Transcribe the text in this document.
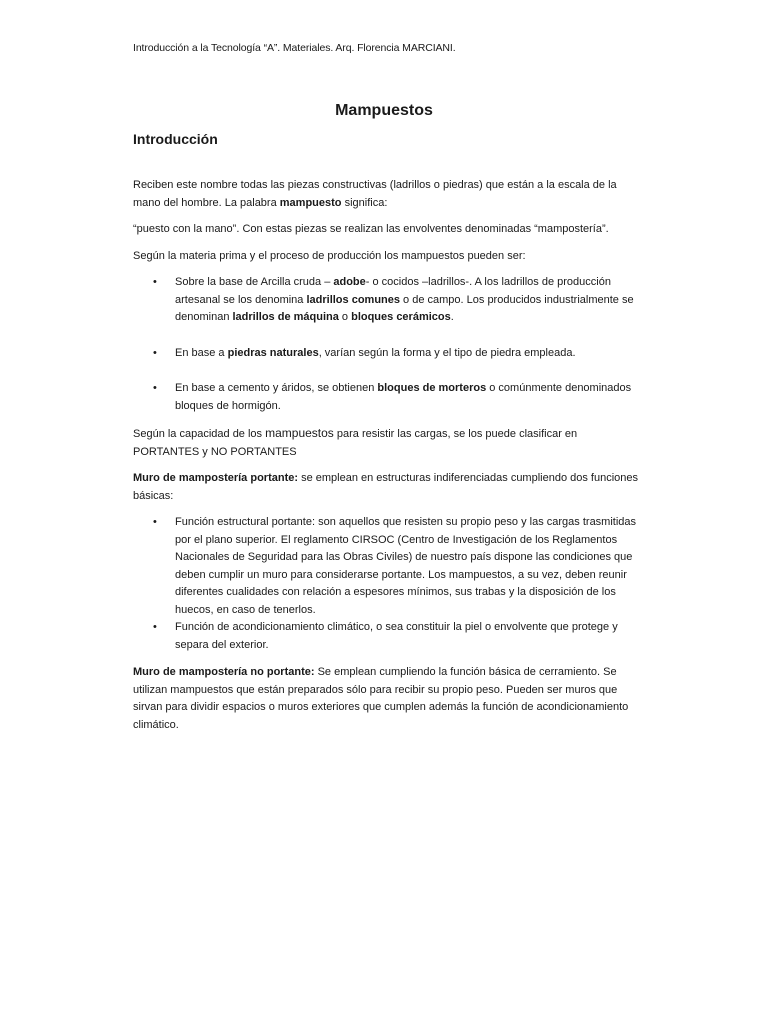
Introducción a la Tecnología “A”. Materiales. Arq. Florencia MARCIANI.
Mampuestos
Introducción

Reciben este nombre todas las piezas constructivas (ladrillos o piedras) que están a la escala de la mano del hombre. La palabra mampuesto significa:

“puesto con la mano”. Con estas piezas se realizan las envolventes denominadas “mampostería”.

Según la materia prima y el proceso de producción los mampuestos pueden ser:

• Sobre la base de Arcilla cruda – adobe- o cocidos –ladrillos-. A los ladrillos de producción artesanal se los denomina ladrillos comunes o de campo. Los producidos industrialmente se denominan ladrillos de máquina o bloques cerámicos.
• En base a piedras naturales, varían según la forma y el tipo de piedra empleada.
• En base a cemento y áridos, se obtienen bloques de morteros o comúnmente denominados bloques de hormigón.

Según la capacidad de los mampuestos para resistir las cargas, se los puede clasificar en PORTANTES y NO PORTANTES

Muro de mampostería portante: se emplean en estructuras indiferenciadas cumpliendo dos funciones básicas:

• Función estructural portante: son aquellos que resisten su propio peso y las cargas trasmitidas por el plano superior. El reglamento CIRSOC (Centro de Investigación de los Reglamentos Nacionales de Seguridad para las Obras Civiles) de nuestro país dispone las condiciones que deben cumplir un muro para considerarse portante. Los mampuestos, a su vez, deben reunir diferentes cualidades con relación a espesores mínimos, sus trabas y la disposición de los huecos, en caso de tenerlos.
• Función de acondicionamiento climático, o sea constituir la piel o envolvente que protege y separa del exterior.

Muro de mampostería no portante: Se emplean cumpliendo la función básica de cerramiento. Se utilizan mampuestos que están preparados sólo para recibir su propio peso. Pueden ser muros que sirvan para dividir espacios o muros exteriores que cumplen además la función de acondicionamiento climático.
